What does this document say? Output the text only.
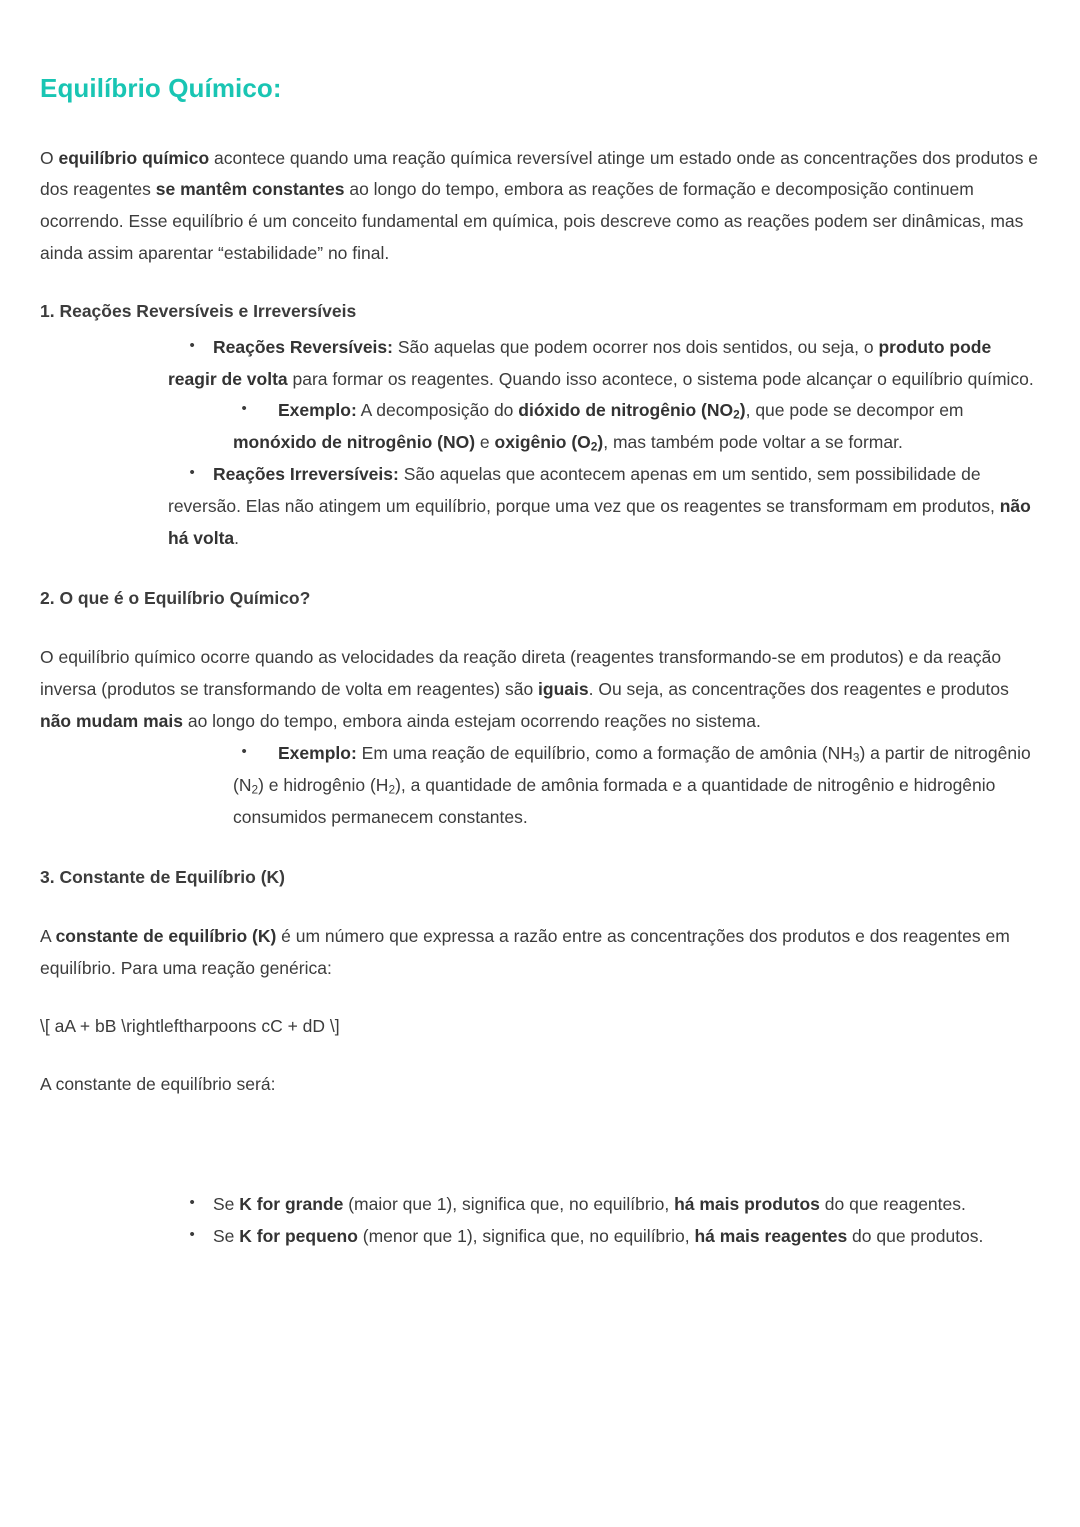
Equilíbrio Químico:

O equilíbrio químico acontece quando uma reação química reversível atinge um estado onde as concentrações dos produtos e dos reagentes se mantêm constantes ao longo do tempo, embora as reações de formação e decomposição continuem ocorrendo. Esse equilíbrio é um conceito fundamental em química, pois descreve como as reações podem ser dinâmicas, mas ainda assim aparentar “estabilidade” no final.

1. Reações Reversíveis e Irreversíveis
•	Reações Reversíveis: São aquelas que podem ocorrer nos dois sentidos, ou seja, o produto pode reagir de volta para formar os reagentes. Quando isso acontece, o sistema pode alcançar o equilíbrio químico.
•	Exemplo: A decomposição do dióxido de nitrogênio $(NO_2)$, que pode se decompor em monóxido de nitrogênio (NO) e oxigênio $(O_2)$, mas também pode voltar a se formar.
•	Reações Irreversíveis: São aquelas que acontecem apenas em um sentido, sem possibilidade de reversão. Elas não atingem um equilíbrio, porque uma vez que os reagentes se transformam em produtos, não há volta.
2. O que é o Equilíbrio Químico?

O equilíbrio químico ocorre quando as velocidades da reação direta (reagentes transformando-se em produtos) e da reação inversa (produtos se transformando de volta em reagentes) são iguais. Ou seja, as concentrações dos reagentes e produtos não mudam mais ao longo do tempo, embora ainda estejam ocorrendo reações no sistema.

•	Exemplo: Em uma reação de equilíbrio, como a formação de amônia $(NH_3)$ a partir de nitrogênio $(N_2)$ e hidrogênio $(H_2)$, a quantidade de amônia formada e a quantidade de nitrogênio e hidrogênio consumidos permanecem constantes.
3. Constante de Equilíbrio (K)

A constante de equilíbrio (K) é um número que expressa a razão entre as concentrações dos produtos e dos reagentes em equilíbrio. Para uma reação genérica:

\[ aA + bB \rightleftharpoons cC + dD \]

A constante de equilíbrio será:

•	Se K for grande (maior que 1), significa que, no equilíbrio, há mais produtos do que reagentes.
•	Se K for pequeno (menor que 1), significa que, no equilíbrio, há mais reagentes do que produtos.
